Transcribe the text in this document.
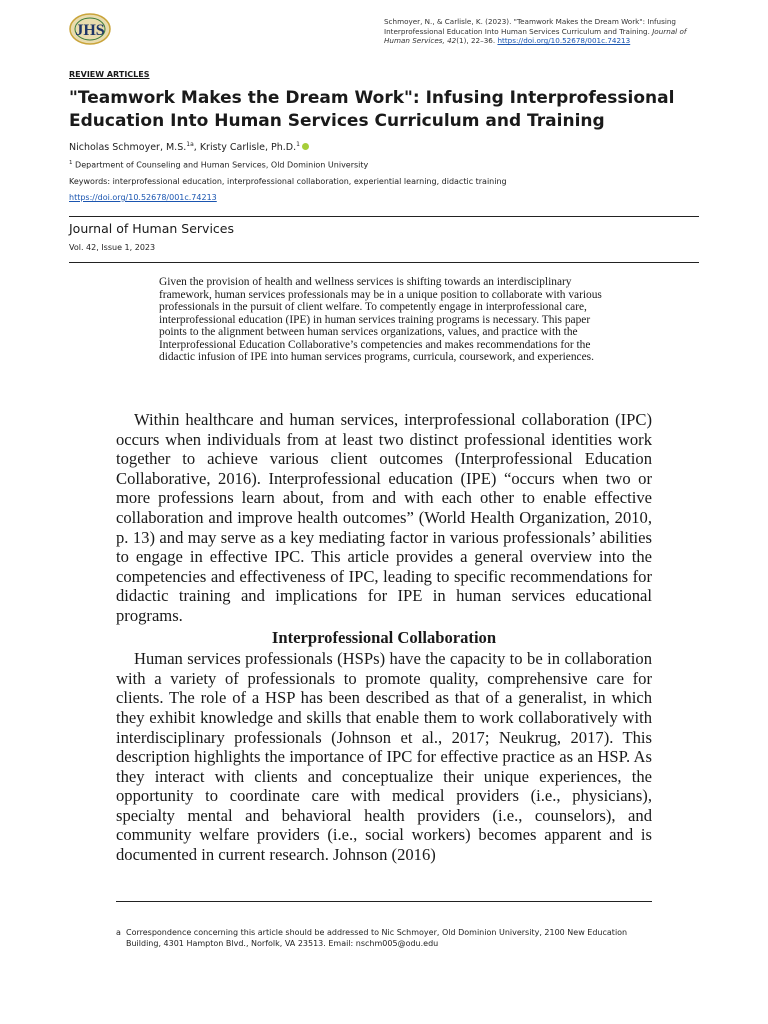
JHS
Schmoyer, N., & Carlisle, K. (2023). "Teamwork Makes the Dream Work": Infusing Interprofessional Education Into Human Services Curriculum and Training. Journal of Human Services, 42(1), 22–36. https://doi.org/10.52678/001c.74213
REVIEW ARTICLES
"Teamwork Makes the Dream Work": Infusing Interprofessional Education Into Human Services Curriculum and Training
Nicholas Schmoyer, M.S.$^{1a}$, Kristy Carlisle, Ph.D.$^1$
$^1$ Department of Counseling and Human Services, Old Dominion University
Keywords: interprofessional education, interprofessional collaboration, experiential learning, didactic training
https://doi.org/10.52678/001c.74213
Journal of Human Services
Vol. 42, Issue 1, 2023
Given the provision of health and wellness services is shifting towards an interdisciplinary framework, human services professionals may be in a unique position to collaborate with various professionals in the pursuit of client welfare. To competently engage in interprofessional care, interprofessional education (IPE) in human services training programs is necessary. This paper points to the alignment between human services organizations, values, and practice with the Interprofessional Education Collaborative’s competencies and makes recommendations for the didactic infusion of IPE into human services programs, curricula, coursework, and experiences.

Within healthcare and human services, interprofessional collaboration (IPC) occurs when individuals from at least two distinct professional identities work together to achieve various client outcomes (Interprofessional Education Collaborative, 2016). Interprofessional education (IPE) “occurs when two or more professions learn about, from and with each other to enable effective collaboration and improve health outcomes” (World Health Organization, 2010, p. 13) and may serve as a key mediating factor in various professionals’ abilities to engage in effective IPC. This article provides a general overview into the competencies and effectiveness of IPC, leading to specific recommendations for didactic training and implications for IPE in human services educational programs.

Interprofessional Collaboration

Human services professionals (HSPs) have the capacity to be in collaboration with a variety of professionals to promote quality, comprehensive care for clients. The role of a HSP has been described as that of a generalist, in which they exhibit knowledge and skills that enable them to work collaboratively with interdisciplinary professionals (Johnson et al., 2017; Neukrug, 2017). This description highlights the importance of IPC for effective practice as an HSP. As they interact with clients and conceptualize their unique experiences, the opportunity to coordinate care with medical providers (i.e., physicians), specialty mental and behavioral health providers (i.e., counselors), and community welfare providers (i.e., social workers) becomes apparent and is documented in current research. Johnson (2016)

a Correspondence concerning this article should be addressed to Nic Schmoyer, Old Dominion University, 2100 New Education Building, 4301 Hampton Blvd., Norfolk, VA 23513. Email: nschm005@odu.edu
